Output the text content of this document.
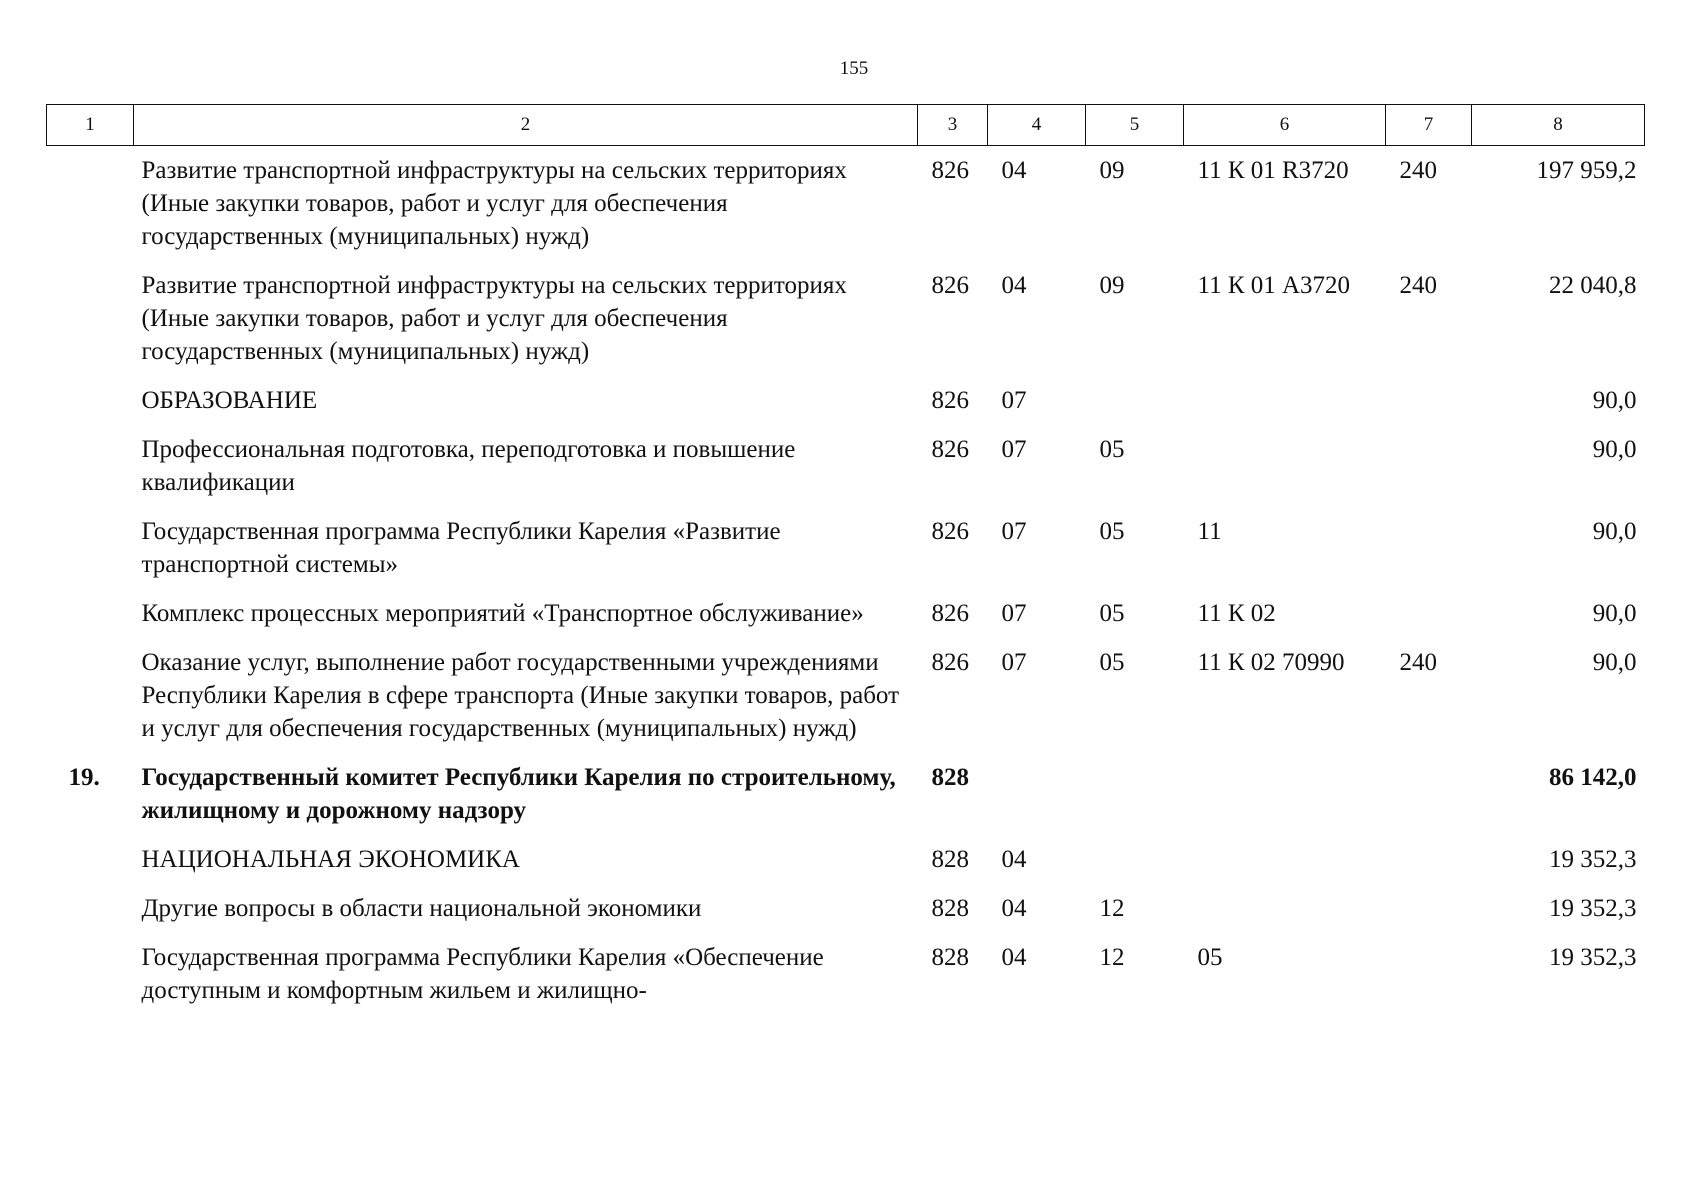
155
1	2	3	4	5	6	7	8
	Развитие транспортной инфраструктуры на сельских территориях (Иные закупки товаров, работ и услуг для обеспечения государственных (муниципальных) нужд)	826	04	09	11 К 01 R3720	240	197 959,2
	Развитие транспортной инфраструктуры на сельских территориях (Иные закупки товаров, работ и услуг для обеспечения государственных (муниципальных) нужд)	826	04	09	11 К 01 А3720	240	22 040,8
	ОБРАЗОВАНИЕ	826	07				90,0
	Профессиональная подготовка, переподготовка и повышение квалификации	826	07	05			90,0
	Государственная программа Республики Карелия «Развитие транспортной системы»	826	07	05	11		90,0
	Комплекс процессных мероприятий «Транспортное обслуживание»	826	07	05	11 К 02		90,0
	Оказание услуг, выполнение работ государственными учреждениями Республики Карелия в сфере транспорта (Иные закупки товаров, работ и услуг для обеспечения государственных (муниципальных) нужд)	826	07	05	11 К 02 70990	240	90,0
19.	Государственный комитет Республики Карелия по строительному, жилищному и дорожному надзору	828					86 142,0
	НАЦИОНАЛЬНАЯ ЭКОНОМИКА	828	04				19 352,3
	Другие вопросы в области национальной экономики	828	04	12			19 352,3
	Государственная программа Республики Карелия «Обеспечение доступным и комфортным жильем и жилищно-	828	04	12	05		19 352,3
